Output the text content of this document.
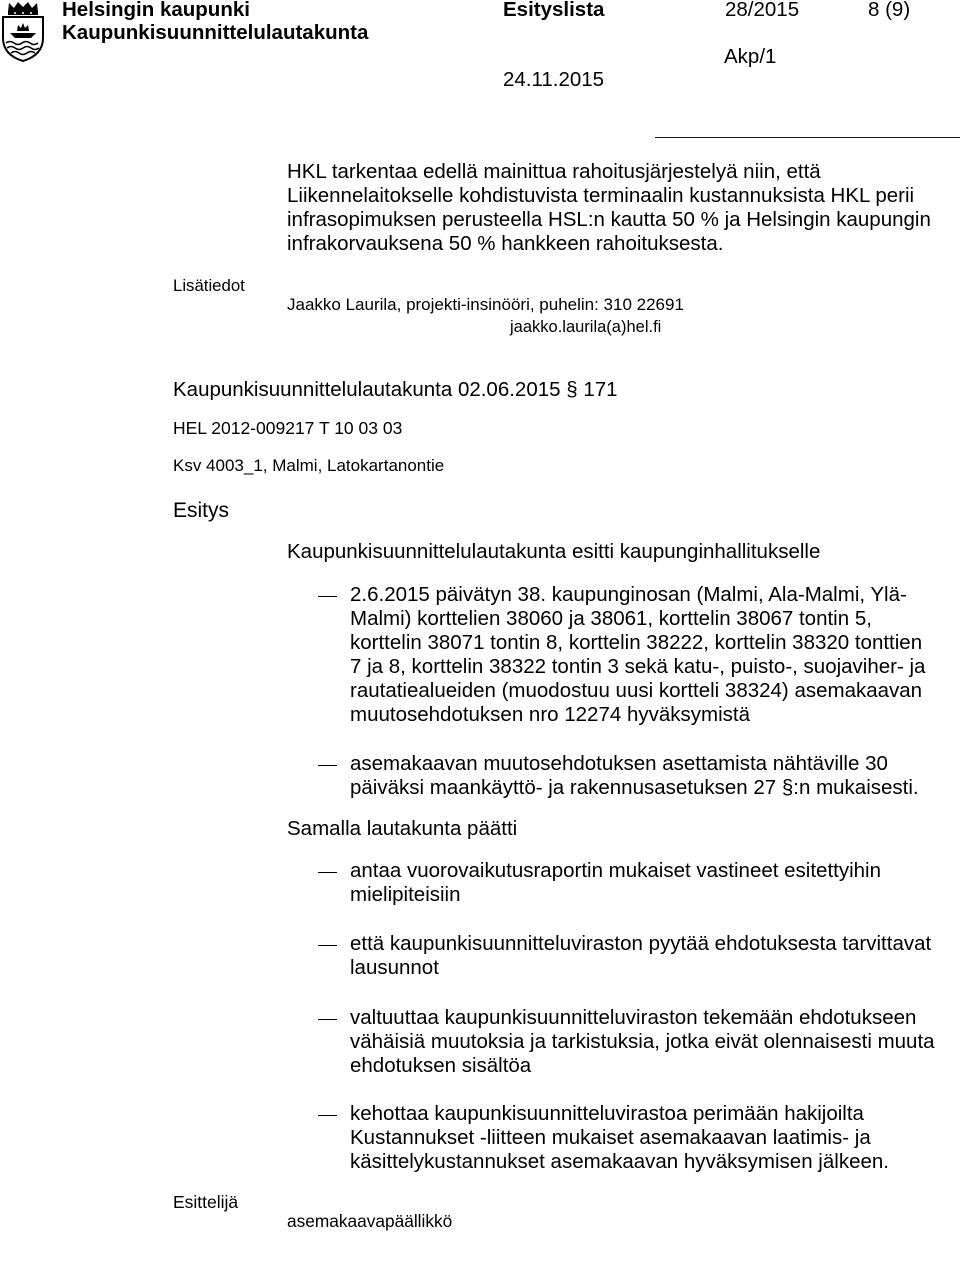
Helsingin kaupunki
Kaupunkisuunnittelulautakunta
Esityslista	28/2015	8 (9)
Akp/1
24.11.2015
HKL tarkentaa edellä mainittua rahoitusjärjestelyä niin, että
Liikennelaitokselle kohdistuvista terminaalin kustannuksista HKL perii
infrasopimuksen perusteella HSL:n kautta 50 % ja Helsingin kaupungin
infrakorvauksena 50 % hankkeen rahoituksesta.
Lisätiedot
Jaakko Laurila, projekti-insinööri, puhelin: 310 22691
jaakko.laurila(a)hel.fi
Kaupunkisuunnittelulautakunta 02.06.2015 § 171
HEL 2012-009217 T 10 03 03
Ksv 4003_1, Malmi, Latokartanontie
Esitys
Kaupunkisuunnittelulautakunta esitti kaupunginhallitukselle
2.6.2015 päivätyn 38. kaupunginosan (Malmi, Ala-Malmi, Ylä-
Malmi) korttelien 38060 ja 38061, korttelin 38067 tontin 5,
korttelin 38071 tontin 8, korttelin 38222, korttelin 38320 tonttien
7 ja 8, korttelin 38322 tontin 3 sekä katu-, puisto-, suojaviher- ja
rautatiealueiden (muodostuu uusi kortteli 38324) asemakaavan
muutosehdotuksen nro 12274 hyväksymistä
asemakaavan muutosehdotuksen asettamista nähtäville 30
päiväksi maankäyttö- ja rakennusasetuksen 27 §:n mukaisesti.
Samalla lautakunta päätti
antaa vuorovaikutusraportin mukaiset vastineet esitettyihin
mielipiteisiin
että kaupunkisuunnitteluviraston pyytää ehdotuksesta tarvittavat
lausunnot
valtuuttaa kaupunkisuunnitteluviraston tekemään ehdotukseen
vähäisiä muutoksia ja tarkistuksia, jotka eivät olennaisesti muuta
ehdotuksen sisältöa
kehottaa kaupunkisuunnitteluvirastoa perimään hakijoilta
Kustannukset -liitteen mukaiset asemakaavan laatimis- ja
käsittelykustannukset asemakaavan hyväksymisen jälkeen.
Esittelijä
asemakaavapäällikkö
